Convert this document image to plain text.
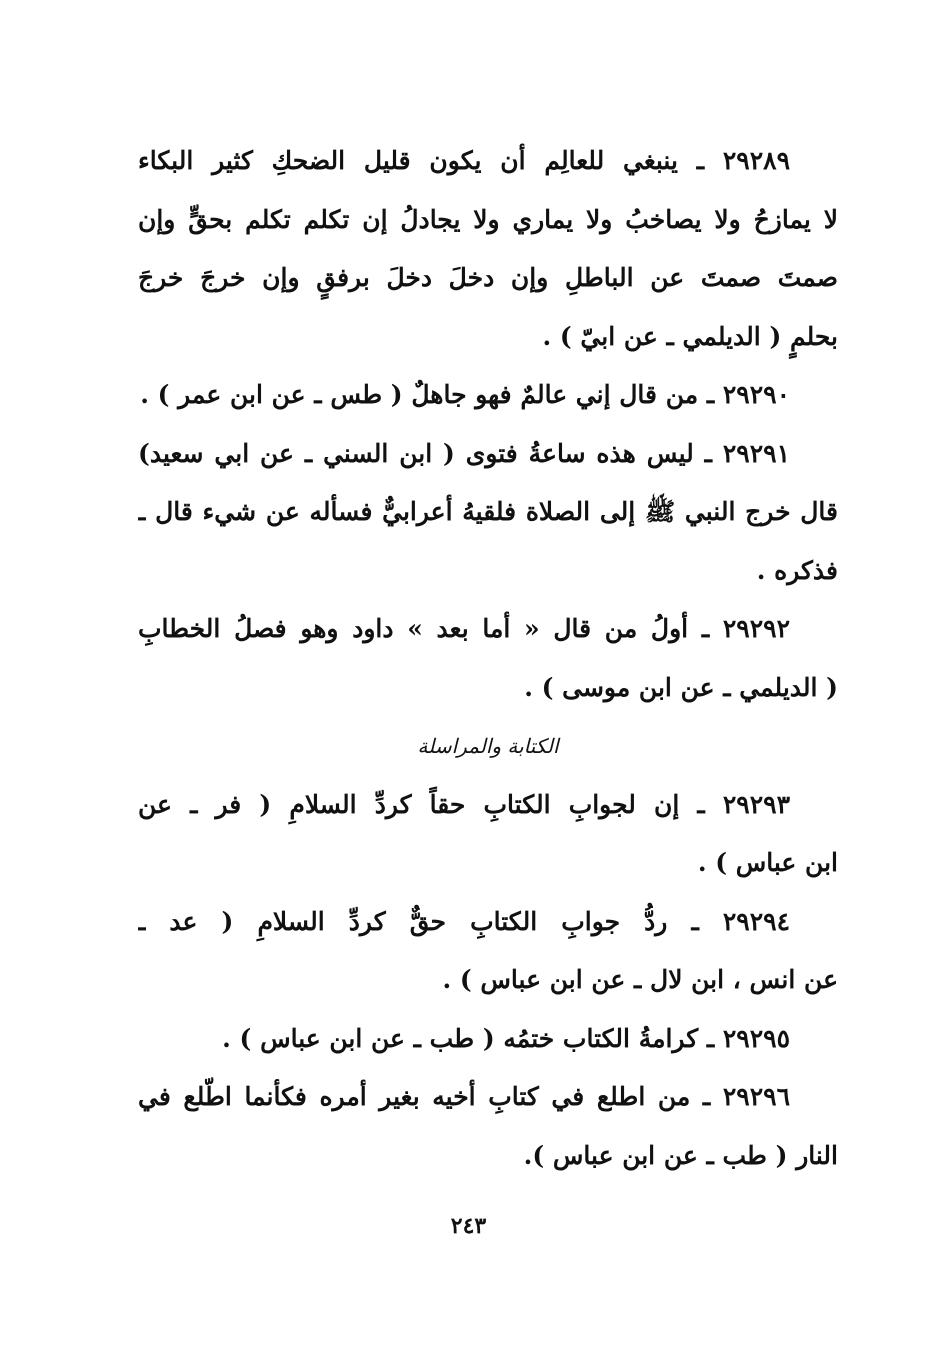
٢٩٢٨٩ ـ ينبغي للعالِم أن يكون قليل الضحكِ كثير البكاء
لا يمازحُ ولا يصاخبُ ولا يماري ولا يجادلُ إن تكلم تكلم بحقٍّ وإن
صمتَ صمتَ عن الباطلِ وإن دخلَ دخلَ برفقٍ وإن خرجَ خرجَ
بحلمٍ ( الديلمي ـ عن ابيّ ) .
٢٩٢٩٠ ـ من قال إني عالمٌ فهو جاهلٌ ( طس ـ عن ابن عمر ) .
٢٩٢٩١ ـ ليس هذه ساعةُ فتوى ( ابن السني ـ عن ابي سعيد)
قال خرج النبي ﷺ إلى الصلاة فلقيهُ أعرابيٌّ فسأله عن شيء قال ـ
فذكره .
٢٩٢٩٢ ـ أولُ من قال « أما بعد » داود وهو فصلُ الخطابِ
( الديلمي ـ عن ابن موسى ) .
الكتابة والمراسلة
٢٩٢٩٣ ـ إن لجوابِ الكتابِ حقاً كردِّ السلامِ ( فر ـ عن
ابن عباس ) .
٢٩٢٩٤ ـ ردُّ جوابِ الكتابِ حقٌّ كردِّ السلامِ ( عد ـ
عن انس ، ابن لال ـ عن ابن عباس ) .
٢٩٢٩٥ ـ كرامةُ الكتاب ختمُه ( طب ـ عن ابن عباس ) .
٢٩٢٩٦ ـ من اطلع في كتابِ أخيه بغير أمره فكأنما اطّلع في
النار ( طب ـ عن ابن عباس ).
٢٤٣
